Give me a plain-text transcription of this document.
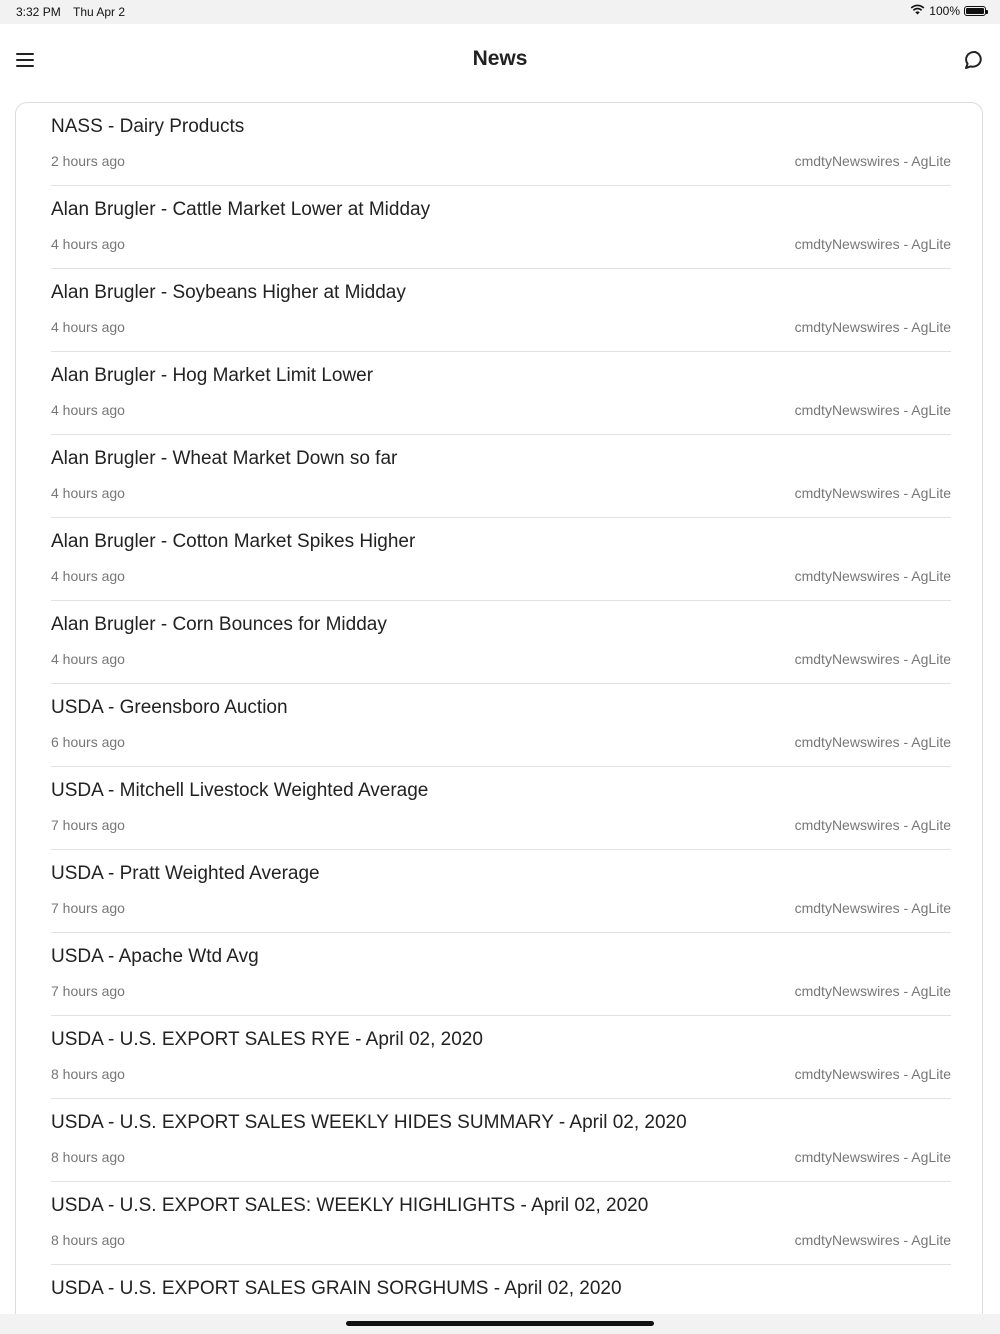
3:32 PM Thu Apr 2	100%
News
NASS - Dairy Products
2 hours ago	cmdtyNewswires - AgLite
Alan Brugler - Cattle Market Lower at Midday
4 hours ago	cmdtyNewswires - AgLite
Alan Brugler - Soybeans Higher at Midday
4 hours ago	cmdtyNewswires - AgLite
Alan Brugler - Hog Market Limit Lower
4 hours ago	cmdtyNewswires - AgLite
Alan Brugler - Wheat Market Down so far
4 hours ago	cmdtyNewswires - AgLite
Alan Brugler - Cotton Market Spikes Higher
4 hours ago	cmdtyNewswires - AgLite
Alan Brugler - Corn Bounces for Midday
4 hours ago	cmdtyNewswires - AgLite
USDA - Greensboro Auction
6 hours ago	cmdtyNewswires - AgLite
USDA - Mitchell Livestock Weighted Average
7 hours ago	cmdtyNewswires - AgLite
USDA - Pratt Weighted Average
7 hours ago	cmdtyNewswires - AgLite
USDA - Apache Wtd Avg
7 hours ago	cmdtyNewswires - AgLite
USDA - U.S. EXPORT SALES RYE - April 02, 2020
8 hours ago	cmdtyNewswires - AgLite
USDA - U.S. EXPORT SALES WEEKLY HIDES SUMMARY - April 02, 2020
8 hours ago	cmdtyNewswires - AgLite
USDA - U.S. EXPORT SALES: WEEKLY HIGHLIGHTS - April 02, 2020
8 hours ago	cmdtyNewswires - AgLite
USDA - U.S. EXPORT SALES GRAIN SORGHUMS - April 02, 2020
